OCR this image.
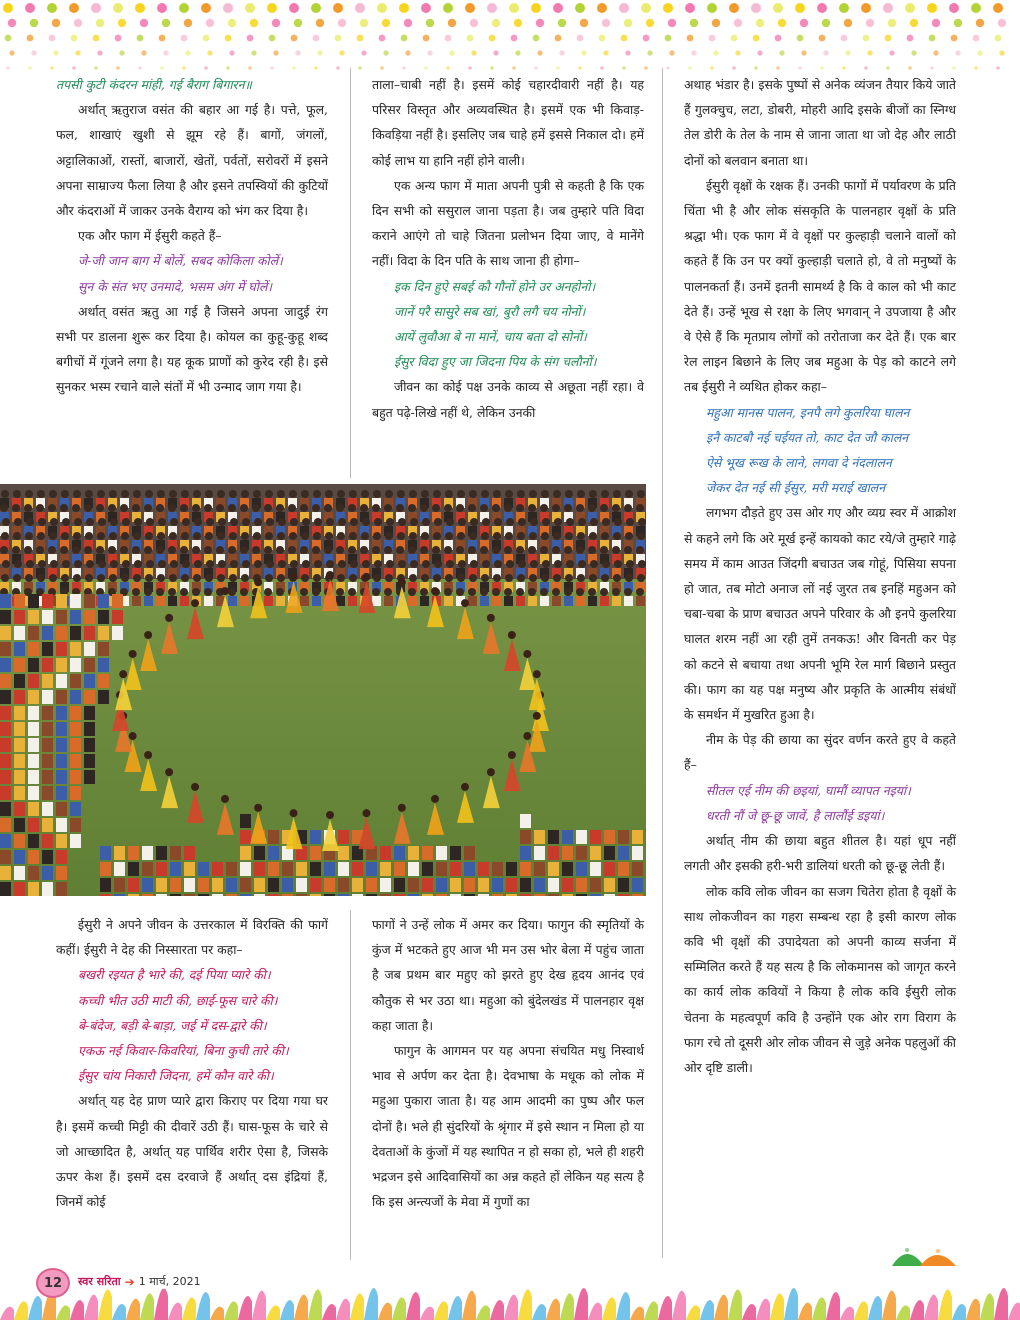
तपसी कुटी कंदरन मांही, गई बैराग बिगारन॥

अर्थात् ऋतुराज वसंत की बहार आ गई है। पत्ते, फूल, फल, शाखाएं खुशी से झूम रहे हैं। बागों, जंगलों, अट्टालिकाओं, रास्तों, बाजारों, खेतों, पर्वतों, सरोवरों में इसने अपना साम्राज्य फैला लिया है और इसने तपस्वियों की कुटियों और कंदराओं में जाकर उनके वैराग्य को भंग कर दिया है।

एक और फाग में ईसुरी कहते हैं–

जे-जी जान बाग में बोलें, सबद कोकिला कोलें।

सुन के संत भए उनमादे, भसम अंग में घोलें।

अर्थात् वसंत ऋतु आ गई है जिसने अपना जादुई रंग सभी पर डालना शुरू कर दिया है। कोयल का कुहू-कुहू शब्द बगीचों में गूंजने लगा है। यह कूक प्राणों को कुरेद रही है। इसे सुनकर भस्म रचाने वाले संतों में भी उन्माद जाग गया है।

ताला–चाबी नहीं है। इसमें कोई चहारदीवारी नहीं है। यह परिसर विस्तृत और अव्यवस्थित है। इसमें एक भी किवाड़-किवड़िया नहीं है। इसलिए जब चाहे हमें इससे निकाल दो। हमें कोई लाभ या हानि नहीं होने वाली।

एक अन्य फाग में माता अपनी पुत्री से कहती है कि एक दिन सभी को ससुराल जाना पड़ता है। जब तुम्हारे पति विदा कराने आएंगे तो चाहे जितना प्रलोभन दिया जाए, वे मानेंगे नहीं। विदा के दिन पति के साथ जाना ही होगा–

इक दिन हुऐ सबई कौ गौनों होने उर अनहोनो।

जानें परै सासुरे सब खां, बुरौ लगै चय नोनों।

आयें लुवौआ बे ना मानें, चाय बता दो सोनों।

ईसुर विदा हुए जा जिदना पिय के संग चलौनों।

जीवन का कोई पक्ष उनके काव्य से अछूता नहीं रहा। वे बहुत पढ़े-लिखे नहीं थे, लेकिन उनकी

अथाह भंडार है। इसके पुष्पों से अनेक व्यंजन तैयार किये जाते हैं गुलक्चुच, लटा, डोबरी, मोहरी आदि इसके बीजों का स्निग्ध तेल डोरी के तेल के नाम से जाना जाता था जो देह और लाठी दोनों को बलवान बनाता था।

ईसुरी वृक्षों के रक्षक हैं। उनकी फागों में पर्यावरण के प्रति चिंता भी है और लोक संसकृति के पालनहार वृक्षों के प्रति श्रद्धा भी। एक फाग में वे वृक्षों पर कुल्हाड़ी चलाने वालों को कहते हैं कि उन पर क्यों कुल्हाड़ी चलाते हो, वे तो मनुष्यों के पालनकर्ता हैं। उनमें इतनी सामर्थ्य है कि वे काल को भी काट देते हैं। उन्हें भूख से रक्षा के लिए भगवान् ने उपजाया है और वे ऐसे हैं कि मृतप्राय लोगों को तरोताजा कर देते हैं। एक बार रेल लाइन बिछाने के लिए जब महुआ के पेड़ को काटने लगे तब ईसुरी ने व्यथित होकर कहा–

महुआ मानस पालन, इनपै लगे कुलरिया घालन

इनै काटबौ नई चईयत तो, काट देत जौ कालन

ऐसे भूख रूख के लाने, लगवा दे नंदलालन

जेकर देत नई सी ईसुर, मरी मराई खालन

लगभग दौड़ते हुए उस ओर गए और व्यग्र स्वर में आक्रोश से कहने लगे कि अरे मूर्ख इन्हें कायको काट रये/जे तुम्हारे गाढ़े समय में काम आउत जिंदगी बचाउत जब गोहूं, पिसिया सपना हो जात, तब मोटो अनाज लों नई जुरत तब इनहिं महुअन को चबा-चबा के प्राण बचाउत अपने परिवार के औ इनपे कुलरिया घालत शरम नहीं आ रही तुमें तनकऊ! और विनती कर पेड़ को कटने से बचाया तथा अपनी भूमि रेल मार्ग बिछाने प्रस्तुत की। फाग का यह पक्ष मनुष्य और प्रकृति के आत्मीय संबंधों के समर्थन में मुखरित हुआ है।

नीम के पेड़ की छाया का सुंदर वर्णन करते हुए वे कहते हैं–

सीतल एई नीम की छइयां, घामौं व्यापत नइयां।

धरती नौं जे छू-छू जावें, है लालौंई डइयां।

अर्थात् नीम की छाया बहुत शीतल है। यहां धूप नहीं लगती और इसकी हरी-भरी डालियां धरती को छू-छू लेती हैं।

लोक कवि लोक जीवन का सजग चितेरा होता है वृक्षों के साथ लोकजीवन का गहरा सम्बन्ध रहा है इसी कारण लोक कवि भी वृक्षों की उपादेयता को अपनी काव्य सर्जना में सम्मिलित करते हैं यह सत्य है कि लोकमानस को जागृत करने का कार्य लोक कवियों ने किया है लोक कवि ईसुरी लोक चेतना के महत्वपूर्ण कवि है उन्होंने एक ओर राग विराग के फाग रचे तो दूसरी ओर लोक जीवन से जुड़े अनेक पहलुओं की ओर दृष्टि डाली।

ईसुरी ने अपने जीवन के उत्तरकाल में विरक्ति की फागें कहीं। ईसुरी ने देह की निस्सारता पर कहा–

बखरी रइयत है भारे की, दई पिया प्यारे की।

कच्ची भीत उठी माटी की, छाई-फूस चारे की।

बे-बंदेज, बड़ी बे-बाड़ा, जई में दस-द्वारे की।

एकऊ नई किवार-किवरियां, बिना कुची तारे की।

ईसुर चांय निकारौ जिदना, हमें कौन वारे की।

अर्थात् यह देह प्राण प्यारे द्वारा किराए पर दिया गया घर है। इसमें कच्ची मिट्टी की दीवारें उठी हैं। घास-फूस के चारे से जो आच्छादित है, अर्थात् यह पार्थिव शरीर ऐसा है, जिसके ऊपर केश हैं। इसमें दस दरवाजे हैं अर्थात् दस इंद्रियां हैं, जिनमें कोई

फागों ने उन्हें लोक में अमर कर दिया। फागुन की स्मृतियों के कुंज में भटकते हुए आज भी मन उस भोर बेला में पहुंच जाता है जब प्रथम बार महुए को झरते हुए देख हृदय आनंद एवं कौतुक से भर उठा था। महुआ को बुंदेलखंड में पालनहार वृक्ष कहा जाता है।

फागुन के आगमन पर यह अपना संचयित मधु निस्वार्थ भाव से अर्पण कर देता है। देवभाषा के मधूक को लोक में महुआ पुकारा जाता है। यह आम आदमी का पुष्प और फल दोनों है। भले ही सुंदरियों के श्रृंगार में इसे स्थान न मिला हो या देवताओं के कुंजों में यह स्थापित न हो सका हो, भले ही शहरी भद्रजन इसे आदिवासियों का अन्न कहते हों लेकिन यह सत्य है कि इस अन्त्यजों के मेवा में गुणों का

12	स्वर सरिता ➔ 1 मार्च, 2021
